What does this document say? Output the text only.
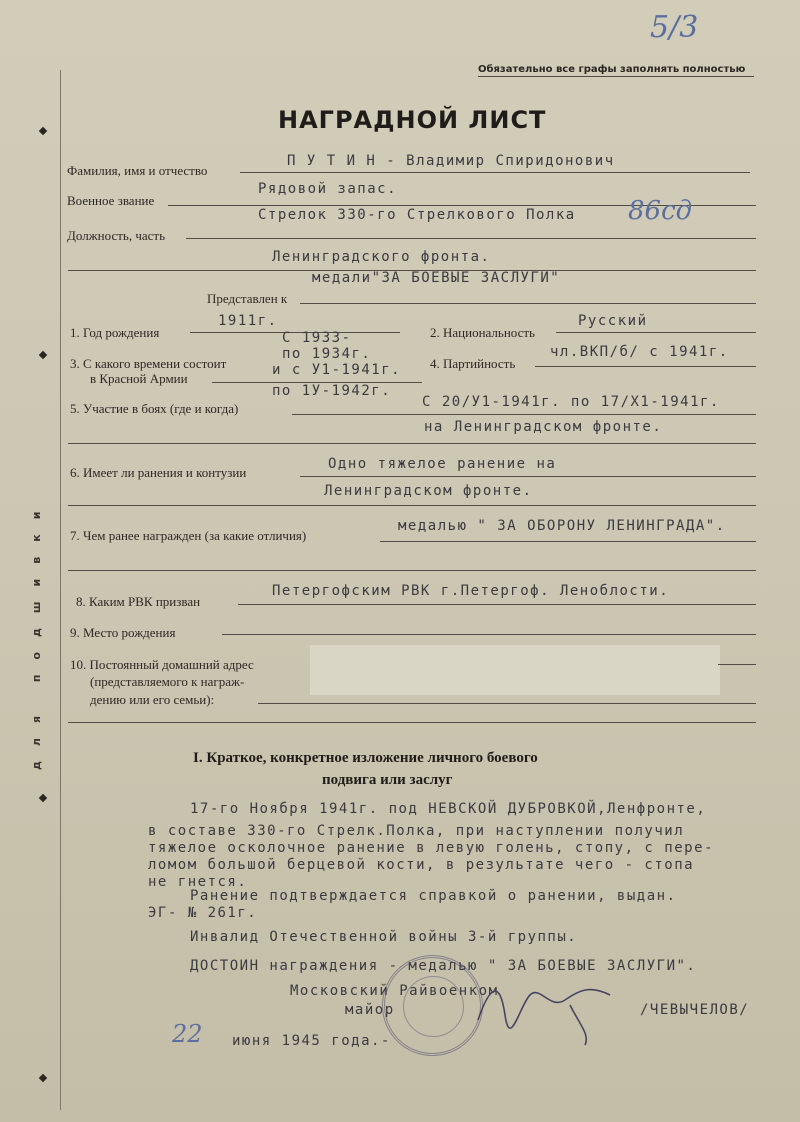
для подшивки
Обязательно все графы заполнять полностью
5/3
НАГРАДНОЙ ЛИСТ
Фамилия, имя и отчество
П У Т И Н - Владимир Спиридонович
Военное звание
Рядовой запас.
Должность, часть
Стрелок 330-го Стрелкового Полка 86сд
Ленинградского фронта.
медали"ЗА БОЕВЫЕ ЗАСЛУГИ"
Представлен к
1. Год рождения
1911г.
2. Национальность
Русский
3. С какого времени состоит
в Красной Армии
С 1933-
по 1934г.
и с У1-1941г.
по 1У-1942г.
4. Партийность
чл.ВКП/б/ с 1941г.
5. Участие в боях (где и когда)	С 20/У1-1941г. по 17/Х1-1941г.
на Ленинградском фронте.
6. Имеет ли ранения и контузии
Одно тяжелое ранение на
Ленинградском фронте.
7. Чем ранее награжден (за какие отличия)
медалью " ЗА ОБОРОНУ ЛЕНИНГРАДА".
8. Каким РВК призван
Петергофским РВК г.Петергоф. Леноблости.
9. Место рождения
10. Постоянный домашний адрес
(представляемого к награж-
дению или его семьи):
I. Краткое, конкретное изложение личного боевого
подвига или заслуг
17-го Ноября 1941г. под НЕВСКОЙ ДУБРОВКОЙ,Ленфронте,
в составе 330-го Стрелк.Полка, при наступлении получил
тяжелое осколочное ранение в левую голень, стопу, с пере-
ломом большой берцевой кости, в результате чего - стопа
не гнется.
Ранение подтверждается справкой о ранении, выдан.
ЭГ- № 261г.
Инвалид Отечественной войны 3-й группы.
ДОСТОИН награждения - медалью " ЗА БОЕВЫЕ ЗАСЛУГИ".
Московский Райвоенком
майор	/ЧЕВЫЧЕЛОВ/
22 июня 1945 года.-
